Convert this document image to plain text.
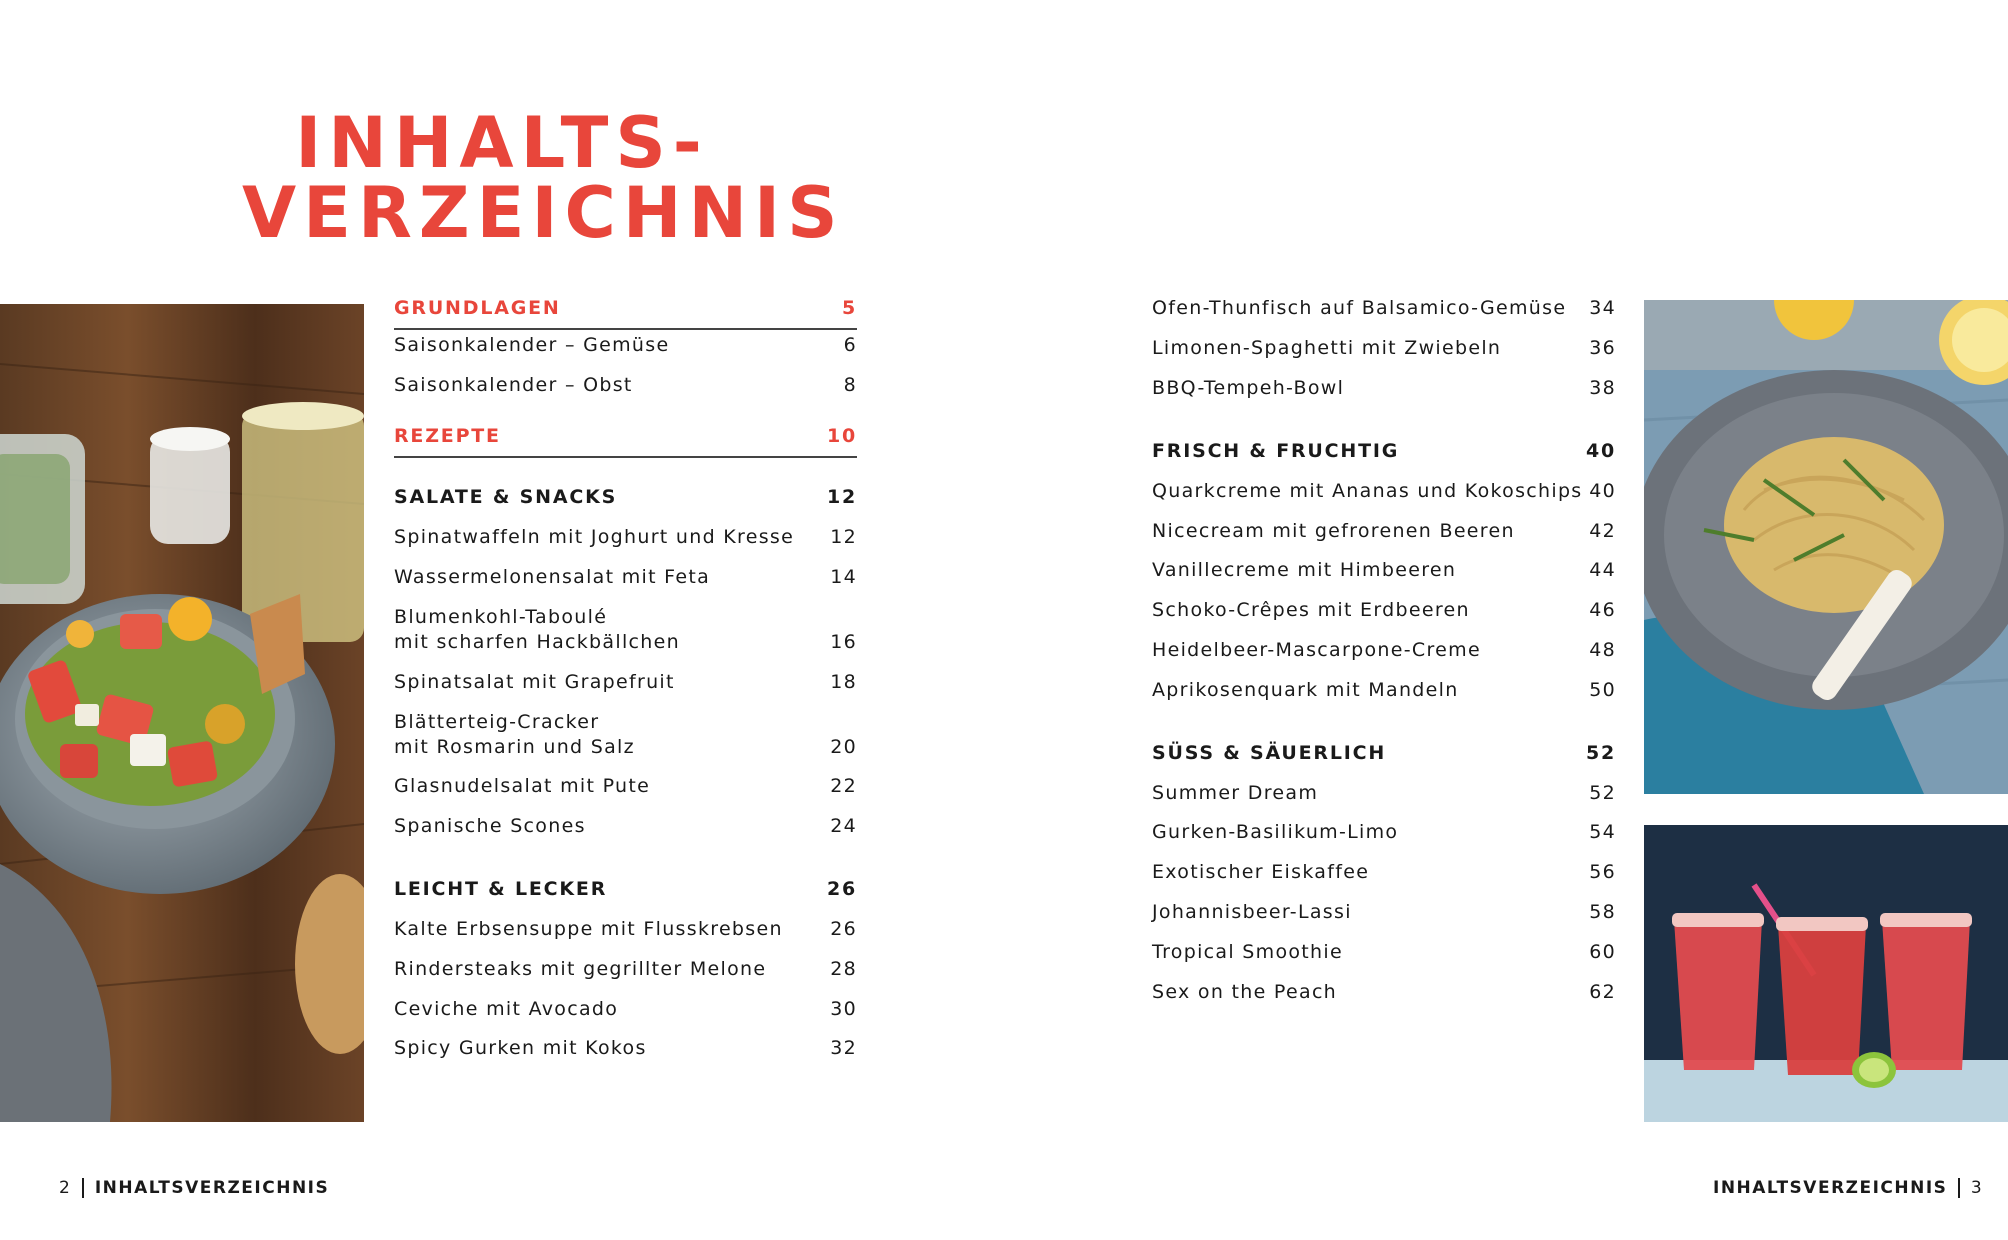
INHALTS-
VERZEICHNIS
GRUNDLAGEN	5
Saisonkalender – Gemüse	6
Saisonkalender – Obst	8
REZEPTE	10
SALATE & SNACKS	12
Spinatwaffeln mit Joghurt und Kresse 12
Wassermelonensalat mit Feta	14
Blumenkohl-Taboulé
mit scharfen Hackbällchen	16
Spinatsalat mit Grapefruit	18
Blätterteig-Cracker
mit Rosmarin und Salz	20
Glasnudelsalat mit Pute	22
Spanische Scones	24
LEICHT & LECKER	26
Kalte Erbsensuppe mit Flusskrebsen 26
Rindersteaks mit gegrillter Melone	28
Ceviche mit Avocado	30
Spicy Gurken mit Kokos	32
Ofen-Thunfisch auf Balsamico-Gemüse 34
Limonen-Spaghetti mit Zwiebeln	36
BBQ-Tempeh-Bowl	38
FRISCH & FRUCHTIG	40
Quarkcreme mit Ananas und Kokoschips 40
Nicecream mit gefrorenen Beeren	42
Vanillecreme mit Himbeeren	44
Schoko-Crêpes mit Erdbeeren	46
Heidelbeer-Mascarpone-Creme	48
Aprikosenquark mit Mandeln	50
SÜSS & SÄUERLICH	52
Summer Dream	52
Gurken-Basilikum-Limo	54
Exotischer Eiskaffee	56
Johannisbeer-Lassi	58
Tropical Smoothie	60
Sex on the Peach	62
2 INHALTSVERZEICHNIS	INHALTSVERZEICHNIS 3
